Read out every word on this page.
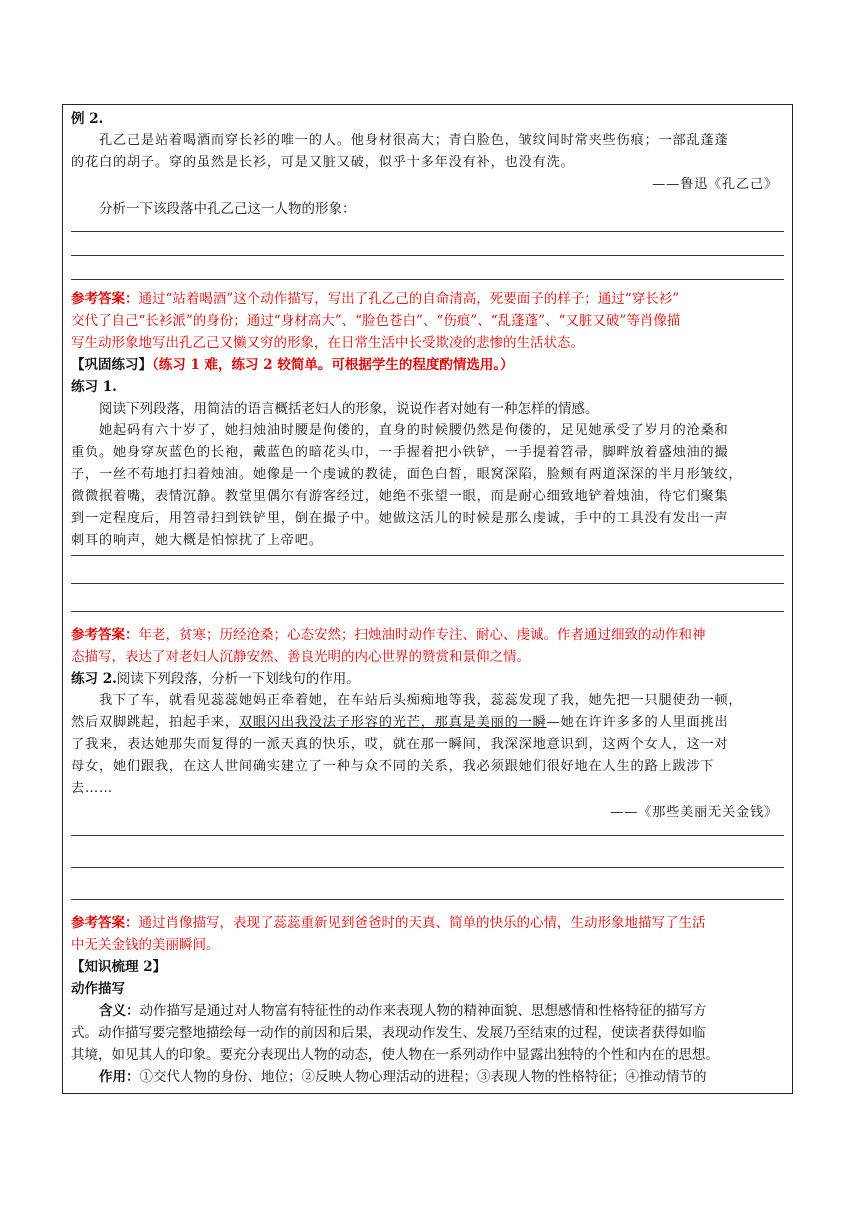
例 2.
孔乙己是站着喝酒而穿长衫的唯一的人。他身材很高大；青白脸色，皱纹间时常夹些伤痕；一部乱蓬蓬
的花白的胡子。穿的虽然是长衫，可是又脏又破，似乎十多年没有补，也没有洗。
——鲁迅《孔乙己》
分析一下该段落中孔乙己这一人物的形象：
参考答案：通过“站着喝酒”这个动作描写，写出了孔乙己的自命清高，死要面子的样子；通过“穿长衫”
交代了自己“长衫派”的身份；通过“身材高大”、“脸色苍白”、“伤痕”、“乱蓬蓬”、“又脏又破”等肖像描
写生动形象地写出孔乙己又懒又穷的形象，在日常生活中长受欺凌的悲惨的生活状态。
【巩固练习】（练习 1 难，练习 2 较简单。可根据学生的程度酌情选用。）
练习 1.
阅读下列段落，用简洁的语言概括老妇人的形象，说说作者对她有一种怎样的情感。
她起码有六十岁了，她扫烛油时腰是佝偻的，直身的时候腰仍然是佝偻的，足见她承受了岁月的沧桑和
重负。她身穿灰蓝色的长袍，戴蓝色的暗花头巾，一手握着把小铁铲，一手提着笤帚，脚畔放着盛烛油的撮
子，一丝不苟地打扫着烛油。她像是一个虔诚的教徒，面色白皙，眼窝深陷，脸颊有两道深深的半月形皱纹，
微微抿着嘴，表情沉静。教堂里偶尔有游客经过，她绝不张望一眼，而是耐心细致地铲着烛油，待它们聚集
到一定程度后，用笤帚扫到铁铲里，倒在撮子中。她做这活儿的时候是那么虔诚，手中的工具没有发出一声
刺耳的响声，她大概是怕惊扰了上帝吧。
参考答案：年老，贫寒；历经沧桑；心态安然；扫烛油时动作专注、耐心、虔诚。作者通过细致的动作和神
态描写，表达了对老妇人沉静安然、善良光明的内心世界的赞赏和景仰之情。
练习 2.阅读下列段落，分析一下划线句的作用。
我下了车，就看见蕊蕊她妈正牵着她，在车站后头痴痴地等我，蕊蕊发现了我，她先把一只腿使劲一顿，
然后双脚跳起，拍起手来，双眼闪出我没法子形容的光芒，那真是美丽的一瞬—她在许许多多的人里面挑出
了我来，表达她那失而复得的一派天真的快乐，哎，就在那一瞬间，我深深地意识到，这两个女人，这一对
母女，她们跟我，在这人世间确实建立了一种与众不同的关系，我必须跟她们很好地在人生的路上跋涉下
去……
——《那些美丽无关金钱》
参考答案：通过肖像描写，表现了蕊蕊重新见到爸爸时的天真、简单的快乐的心情，生动形象地描写了生活
中无关金钱的美丽瞬间。
【知识梳理 2】
动作描写
含义：动作描写是通过对人物富有特征性的动作来表现人物的精神面貌、思想感情和性格特征的描写方
式。动作描写要完整地描绘每一动作的前因和后果，表现动作发生、发展乃至结束的过程，使读者获得如临
其境，如见其人的印象。要充分表现出人物的动态，使人物在一系列动作中显露出独特的个性和内在的思想。
作用：①交代人物的身份、地位；②反映人物心理活动的进程；③表现人物的性格特征；④推动情节的
